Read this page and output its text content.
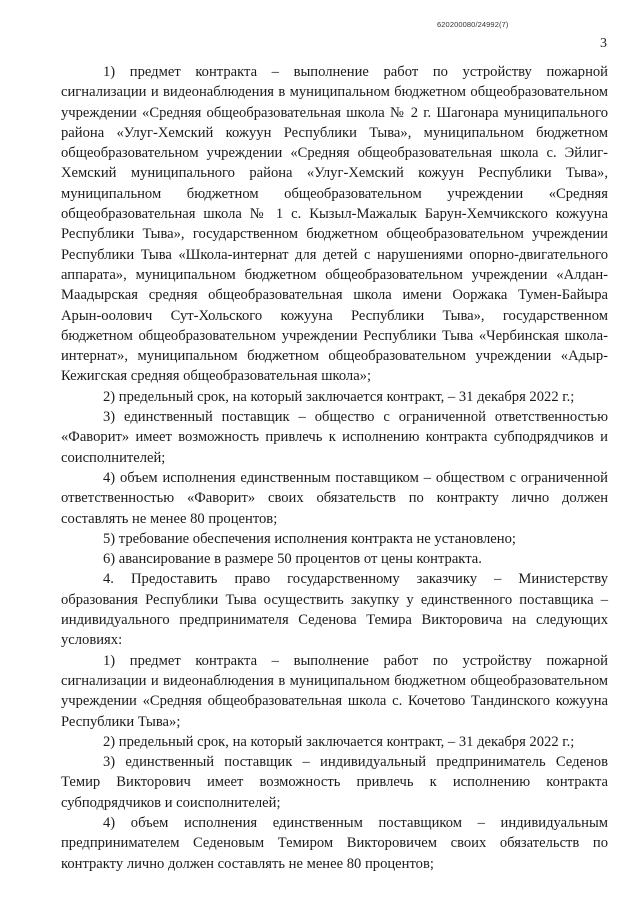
620200080/24992(7)
3

1) предмет контракта – выполнение работ по устройству пожарной сигнализации и видеонаблюдения в муниципальном бюджетном общеобразовательном учреждении «Средняя общеобразовательная школа № 2 г. Шагонара муниципального района «Улуг-Хемский кожуун Республики Тыва», муниципальном бюджетном общеобразовательном учреждении «Средняя общеобразовательная школа с. Эйлиг-Хемский муниципального района «Улуг-Хемский кожуун Республики Тыва», муниципальном бюджетном общеобразовательном учреждении «Средняя общеобразовательная школа № 1 с. Кызыл-Мажалык Барун-Хемчикского кожууна Республики Тыва», государственном бюджетном общеобразовательном учреждении Республики Тыва «Школа-интернат для детей с нарушениями опорно-двигательного аппарата», муниципальном бюджетном общеобразовательном учреждении «Алдан-Маадырская средняя общеобразовательная школа имени Ооржака Тумен-Байыра Арын-оолович Сут-Хольского кожууна Республики Тыва», государственном бюджетном общеобразовательном учреждении Республики Тыва «Чербинская школа-интернат», муниципальном бюджетном общеобразовательном учреждении «Адыр-Кежигская средняя общеобразовательная школа»;

2) предельный срок, на который заключается контракт, – 31 декабря 2022 г.;

3) единственный поставщик – общество с ограниченной ответственностью «Фаворит» имеет возможность привлечь к исполнению контракта субподрядчиков и соисполнителей;

4) объем исполнения единственным поставщиком – обществом с ограниченной ответственностью «Фаворит» своих обязательств по контракту лично должен составлять не менее 80 процентов;

5) требование обеспечения исполнения контракта не установлено;

6) авансирование в размере 50 процентов от цены контракта.

4. Предоставить право государственному заказчику – Министерству образования Республики Тыва осуществить закупку у единственного поставщика – индивидуального предпринимателя Седенова Темира Викторовича на следующих условиях:

1) предмет контракта – выполнение работ по устройству пожарной сигнализации и видеонаблюдения в муниципальном бюджетном общеобразовательном учреждении «Средняя общеобразовательная школа с. Кочетово Тандинского кожууна Республики Тыва»;

2) предельный срок, на который заключается контракт, – 31 декабря 2022 г.;

3) единственный поставщик – индивидуальный предприниматель Седенов Темир Викторович имеет возможность привлечь к исполнению контракта субподрядчиков и соисполнителей;

4) объем исполнения единственным поставщиком – индивидуальным предпринимателем Седеновым Темиром Викторовичем своих обязательств по контракту лично должен составлять не менее 80 процентов;
